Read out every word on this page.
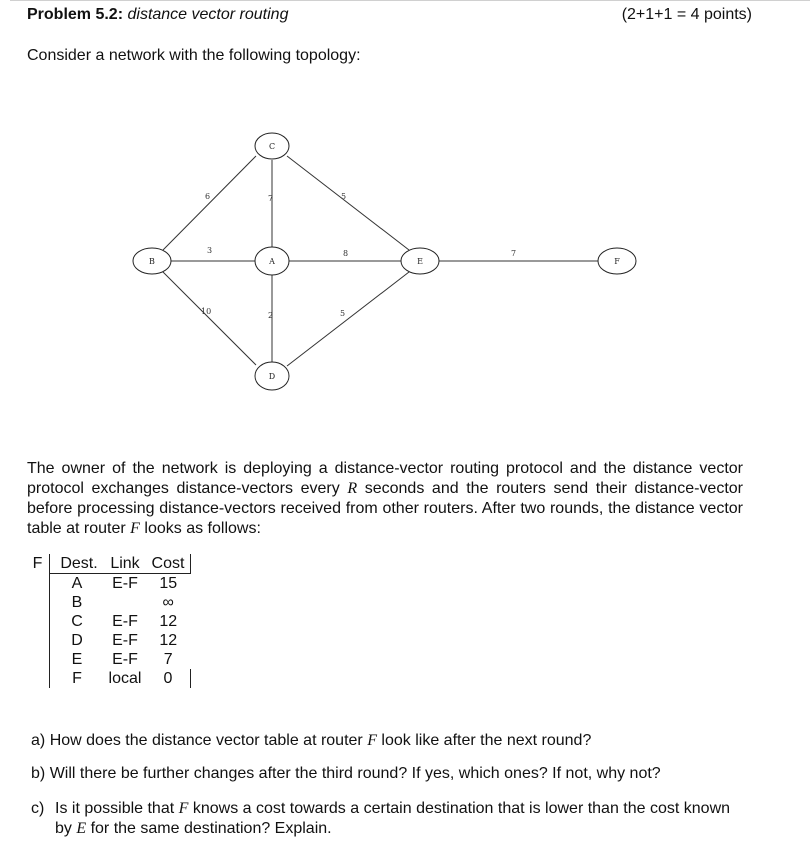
Problem 5.2: distance vector routing	(2+1+1 = 4 points)
Consider a network with the following topology:
6	7	5
3	8	7
10	2	5
C
B	A	E	F
D
The owner of the network is deploying a distance-vector routing protocol and the distance vector protocol exchanges distance-vectors every R seconds and the routers send their distance-vector before processing distance-vectors received from other routers. After two rounds, the distance vector table at router F looks as follows:
F	Dest.	Link	Cost
	A	E-F	15
	B		∞
	C	E-F	12
	D	E-F	12
	E	E-F	7
	F	local	0
a) How does the distance vector table at router F look like after the next round?
b) Will there be further changes after the third round? If yes, which ones? If not, why not?
c) Is it possible that F knows a cost towards a certain destination that is lower than the cost known by E for the same destination? Explain.
